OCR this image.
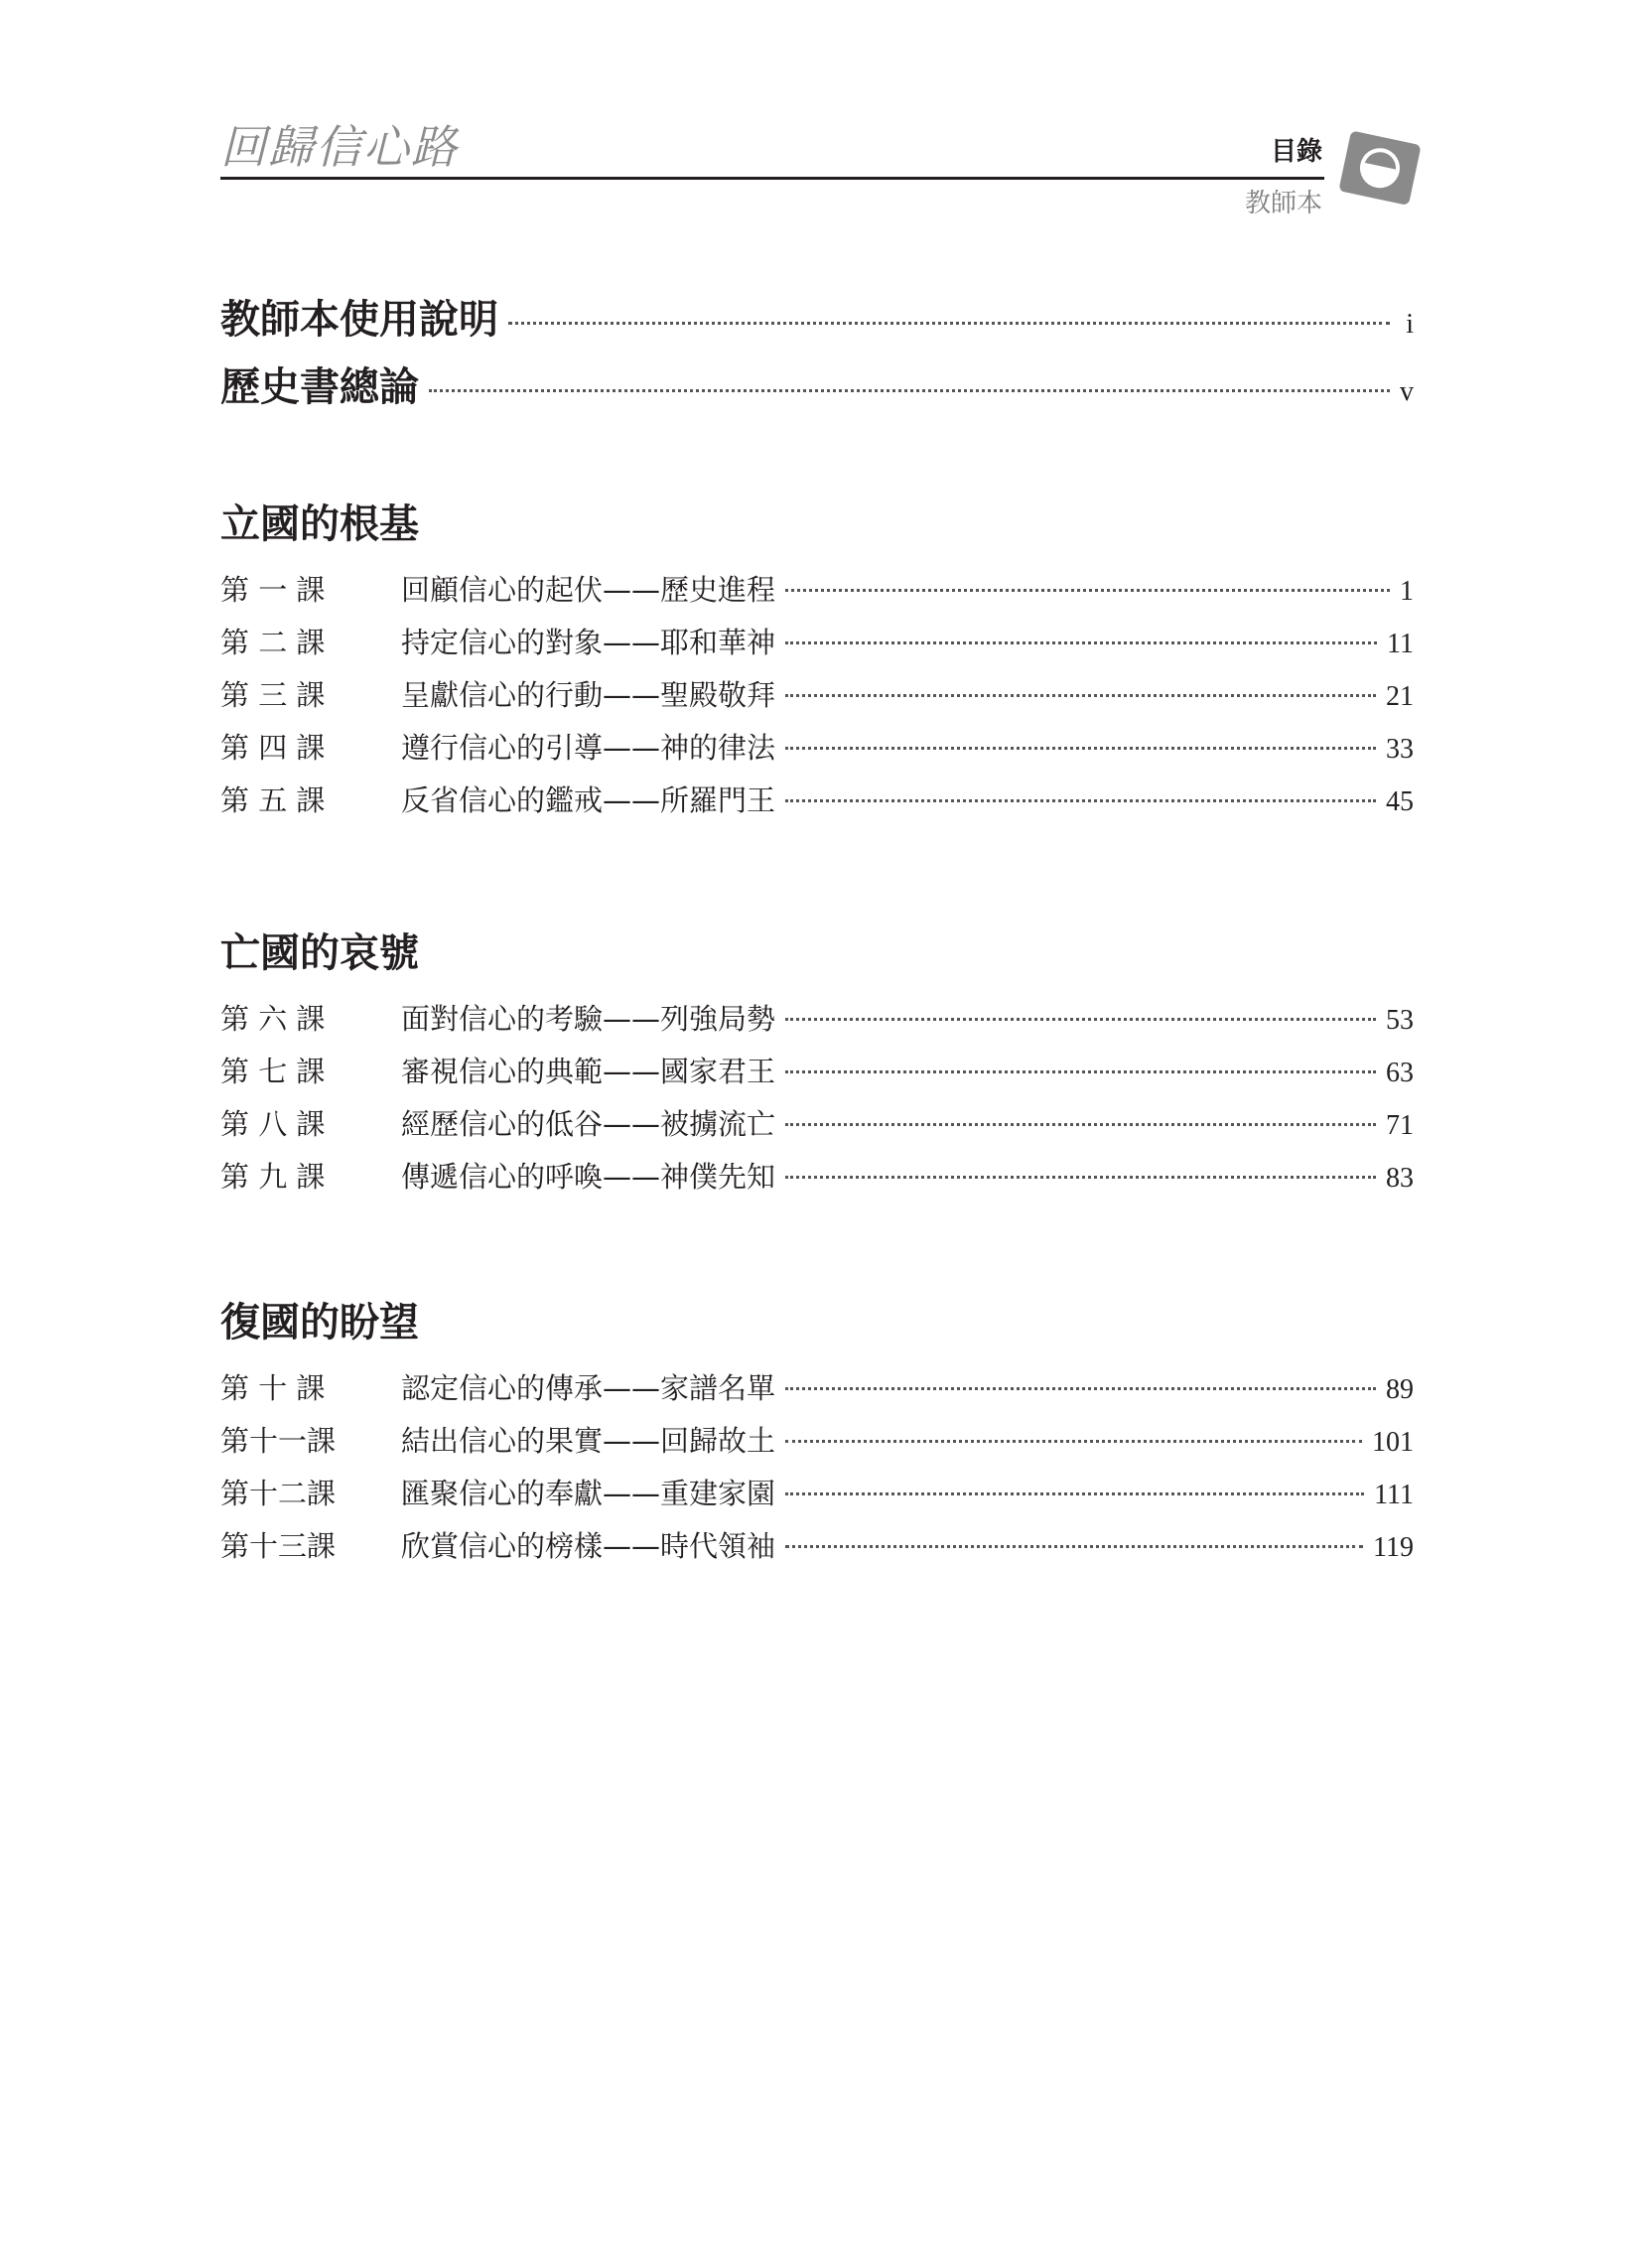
回歸信心路	目錄
教師本
教師本使用說明	i
歷史書總論	v
立國的根基
第 一 課	回顧信心的起伏——歷史進程	1
第 二 課	持定信心的對象——耶和華神	11
第 三 課	呈獻信心的行動——聖殿敬拜	21
第 四 課	遵行信心的引導——神的律法	33
第 五 課	反省信心的鑑戒——所羅門王	45
亡國的哀號
第 六 課	面對信心的考驗——列強局勢	53
第 七 課	審視信心的典範——國家君王	63
第 八 課	經歷信心的低谷——被擄流亡	71
第 九 課	傳遞信心的呼喚——神僕先知	83
復國的盼望
第 十 課	認定信心的傳承——家譜名單	89
第十一課	結出信心的果實——回歸故土	101
第十二課	匯聚信心的奉獻——重建家園	111
第十三課	欣賞信心的榜樣——時代領袖	119
